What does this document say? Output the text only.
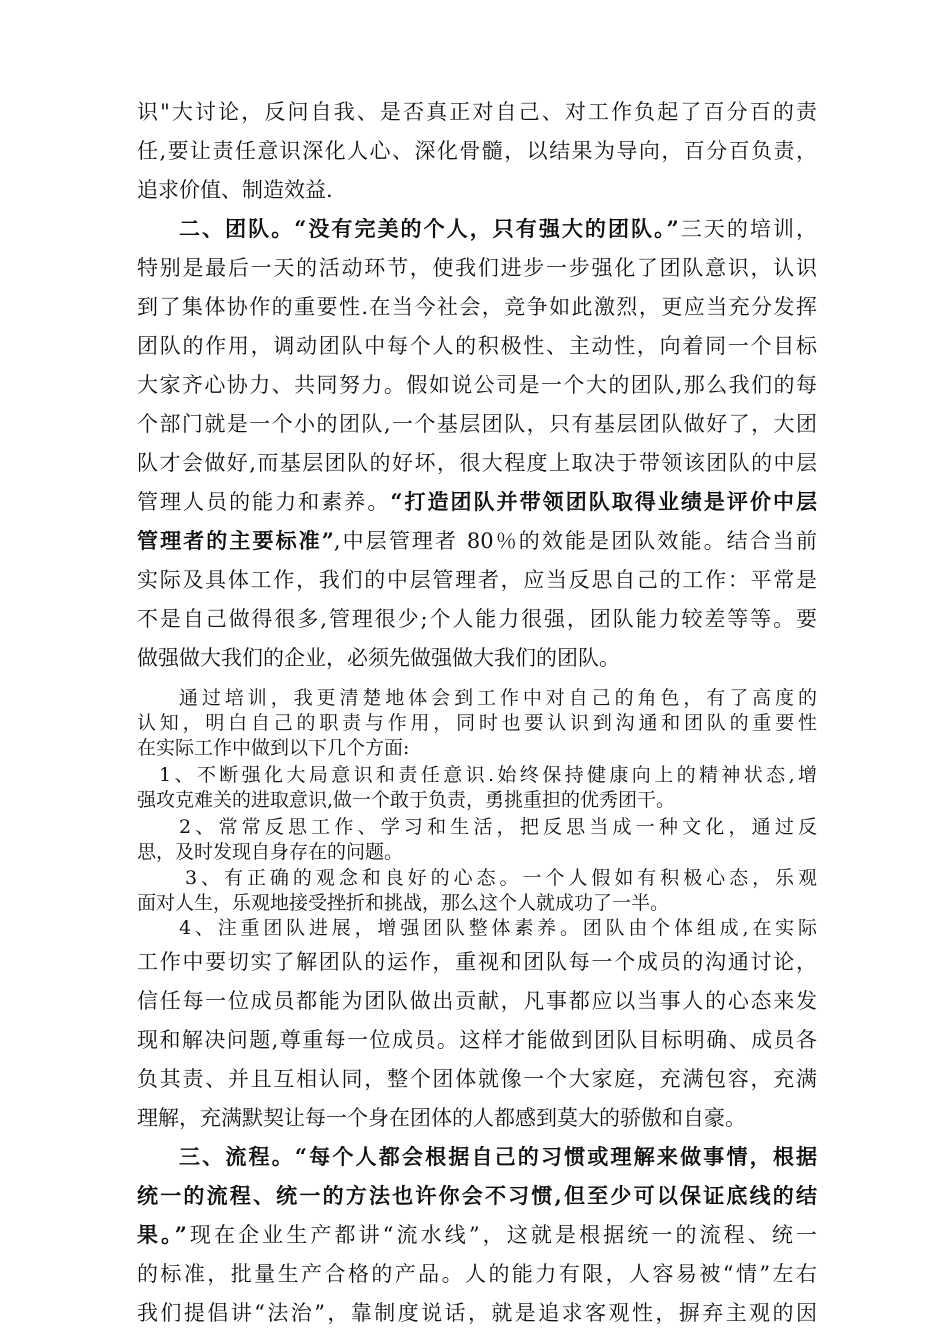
识"大讨论，反问自我、是否真正对自己、对工作负起了百分百的责
任,要让责任意识深化人心、深化骨髓，以结果为导向，百分百负责，
追求价值、制造效益.
二、团队。“没有完美的个人，只有强大的团队。”三天的培训，
特别是最后一天的活动环节，使我们进步一步强化了团队意识，认识
到了集体协作的重要性.在当今社会，竞争如此激烈，更应当充分发挥
团队的作用，调动团队中每个人的积极性、主动性，向着同一个目标
大家齐心协力、共同努力。假如说公司是一个大的团队,那么我们的每
个部门就是一个小的团队,一个基层团队，只有基层团队做好了，大团
队才会做好,而基层团队的好坏，很大程度上取决于带领该团队的中层
管理人员的能力和素养。“打造团队并带领团队取得业绩是评价中层
管理者的主要标准”,中层管理者 80％的效能是团队效能。结合当前
实际及具体工作，我们的中层管理者，应当反思自己的工作：平常是
不是自己做得很多,管理很少;个人能力很强，团队能力较差等等。要
做强做大我们的企业，必须先做强做大我们的团队。
通过培训，我更清楚地体会到工作中对自己的角色，有了高度的
认知，明白自己的职责与作用，同时也要认识到沟通和团队的重要性
在实际工作中做到以下几个方面:
1、不断强化大局意识和责任意识.始终保持健康向上的精神状态,增
强攻克难关的进取意识,做一个敢于负责，勇挑重担的优秀团干。
2、常常反思工作、学习和生活，把反思当成一种文化，通过反
思，及时发现自身存在的问题。
3、有正确的观念和良好的心态。一个人假如有积极心态，乐观
面对人生，乐观地接受挫折和挑战，那么这个人就成功了一半。
4、注重团队进展，增强团队整体素养。团队由个体组成,在实际
工作中要切实了解团队的运作，重视和团队每一个成员的沟通讨论，
信任每一位成员都能为团队做出贡献，凡事都应以当事人的心态来发
现和解决问题,尊重每一位成员。这样才能做到团队目标明确、成员各
负其责、并且互相认同，整个团体就像一个大家庭，充满包容，充满
理解，充满默契让每一个身在团体的人都感到莫大的骄傲和自豪。
三、流程。“每个人都会根据自己的习惯或理解来做事情，根据
统一的流程、统一的方法也许你会不习惯,但至少可以保证底线的结
果。”现在企业生产都讲“流水线”，这就是根据统一的流程、统一
的标准，批量生产合格的产品。人的能力有限，人容易被“情”左右
我们提倡讲“法治”，靠制度说话，就是追求客观性，摒弃主观的因
